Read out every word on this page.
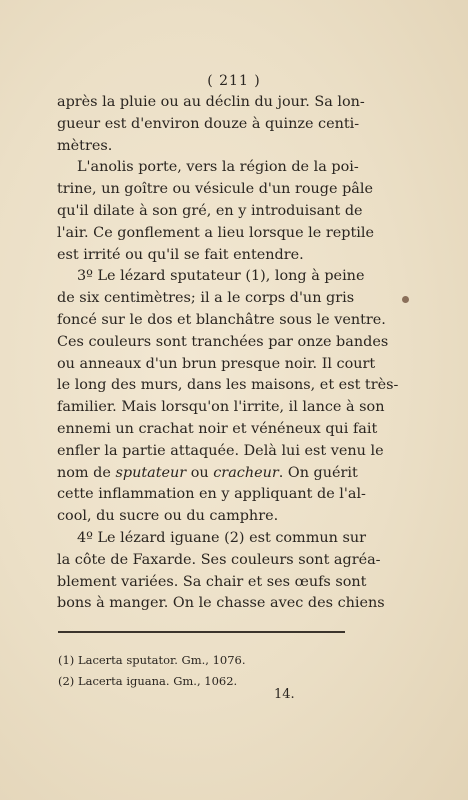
( 211 )
après la pluie ou au déclin du jour. Sa lon-
gueur est d'environ douze à quinze centi-
mètres.
L'anolis porte, vers la région de la poi-
trine, un goître ou vésicule d'un rouge pâle
qu'il dilate à son gré, en y introduisant de
l'air. Ce gonflement a lieu lorsque le reptile
est irrité ou qu'il se fait entendre.
3º Le lézard sputateur (1), long à peine
de six centimètres; il a le corps d'un gris
foncé sur le dos et blanchâtre sous le ventre.
Ces couleurs sont tranchées par onze bandes
ou anneaux d'un brun presque noir. Il court
le long des murs, dans les maisons, et est très-
familier. Mais lorsqu'on l'irrite, il lance à son
ennemi un crachat noir et vénéneux qui fait
enfler la partie attaquée. Delà lui est venu le
nom de sputateur ou cracheur. On guérit
cette inflammation en y appliquant de l'al-
cool, du sucre ou du camphre.
4º Le lézard iguane (2) est commun sur
la côte de Faxarde. Ses couleurs sont agréa-
blement variées. Sa chair et ses œufs sont
bons à manger. On le chasse avec des chiens
(1) Lacerta sputator. Gm., 1076.
(2) Lacerta iguana. Gm., 1062.
14.
